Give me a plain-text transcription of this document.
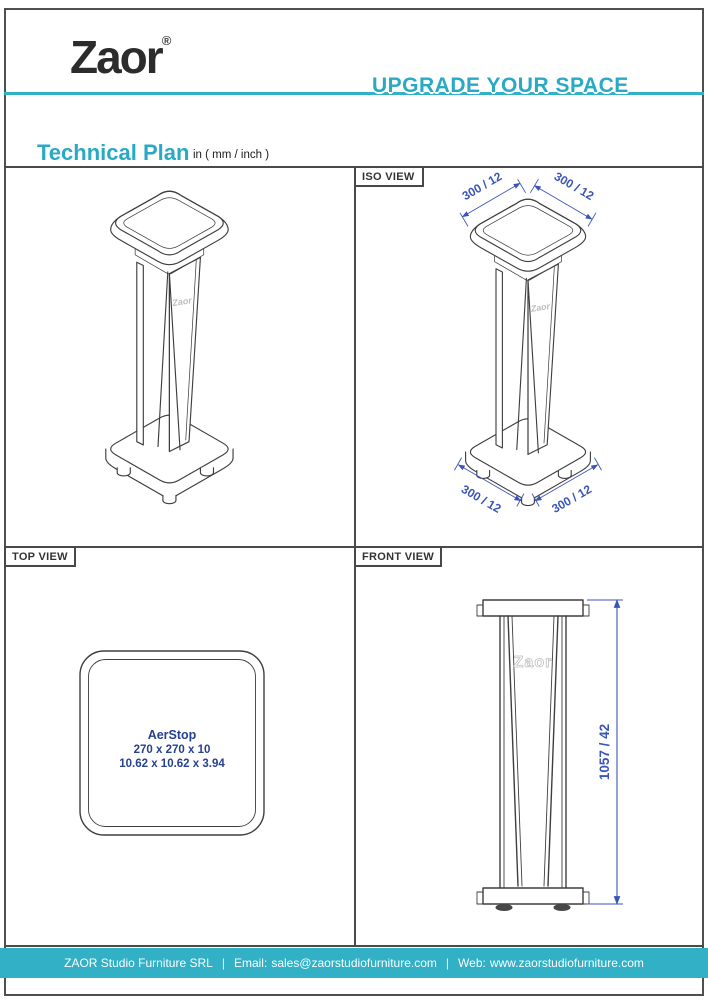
Zaor®
UPGRADE YOUR SPACE
Technical Plan in ( mm / inch )
ISO VIEW
TOP VIEW	FRONT VIEW
Zaor	Zaor
300 / 12	300 / 12
300 / 12	300 / 12
AerStop
270 x 270 x 10
10.62 x 10.62 x 3.94
Zaor
1057 / 42
ZAOR Studio Furniture SRL | Email: sales@zaorstudiofurniture.com | Web: www.zaorstudiofurniture.com
